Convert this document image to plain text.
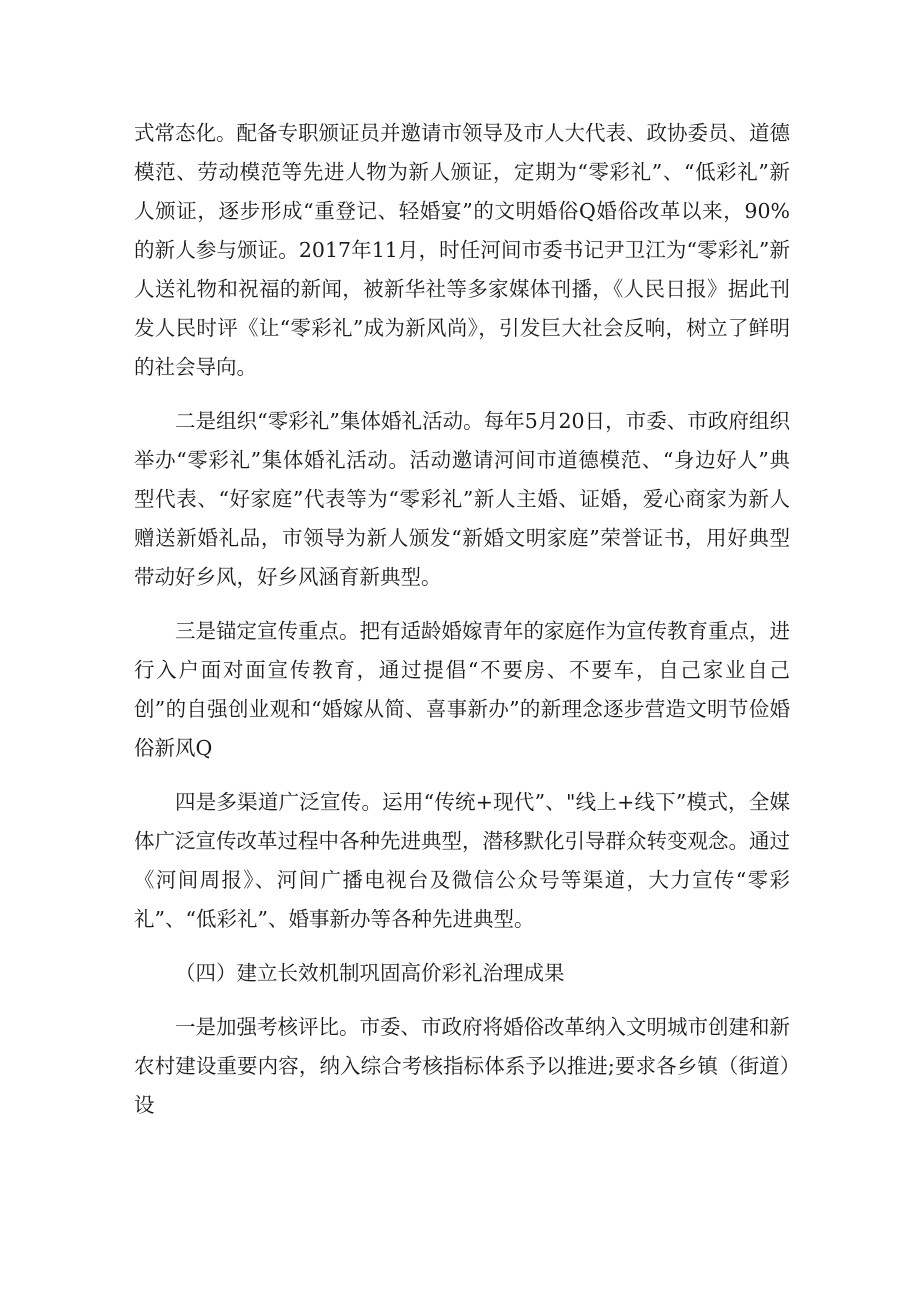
式常态化。配备专职颁证员并邀请市领导及市人大代表、政协委员、道德模范、劳动模范等先进人物为新人颁证，定期为“零彩礼”、“低彩礼”新人颁证，逐步形成“重登记、轻婚宴”的文明婚俗Q婚俗改革以来，90%的新人参与颁证。2017年11月，时任河间市委书记尹卫江为“零彩礼”新人送礼物和祝福的新闻，被新华社等多家媒体刊播，《人民日报》据此刊发人民时评《让“零彩礼”成为新风尚》，引发巨大社会反响，树立了鲜明的社会导向。

二是组织“零彩礼”集体婚礼活动。每年5月20日，市委、市政府组织举办“零彩礼”集体婚礼活动。活动邀请河间市道德模范、“身边好人”典型代表、“好家庭”代表等为“零彩礼”新人主婚、证婚，爱心商家为新人赠送新婚礼品，市领导为新人颁发“新婚文明家庭”荣誉证书，用好典型带动好乡风，好乡风涵育新典型。

三是锚定宣传重点。把有适龄婚嫁青年的家庭作为宣传教育重点，进行入户面对面宣传教育，通过提倡“不要房、不要车，自己家业自己创”的自强创业观和“婚嫁从简、喜事新办”的新理念逐步营造文明节俭婚俗新风Q

四是多渠道广泛宣传。运用“传统+现代”、"线上+线下”模式，全媒体广泛宣传改革过程中各种先进典型，潜移默化引导群众转变观念。通过《河间周报》、河间广播电视台及微信公众号等渠道，大力宣传“零彩礼”、“低彩礼”、婚事新办等各种先进典型。

（四）建立长效机制巩固高价彩礼治理成果

一是加强考核评比。市委、市政府将婚俗改革纳入文明城市创建和新农村建设重要内容，纳入综合考核指标体系予以推进;要求各乡镇（街道）设
